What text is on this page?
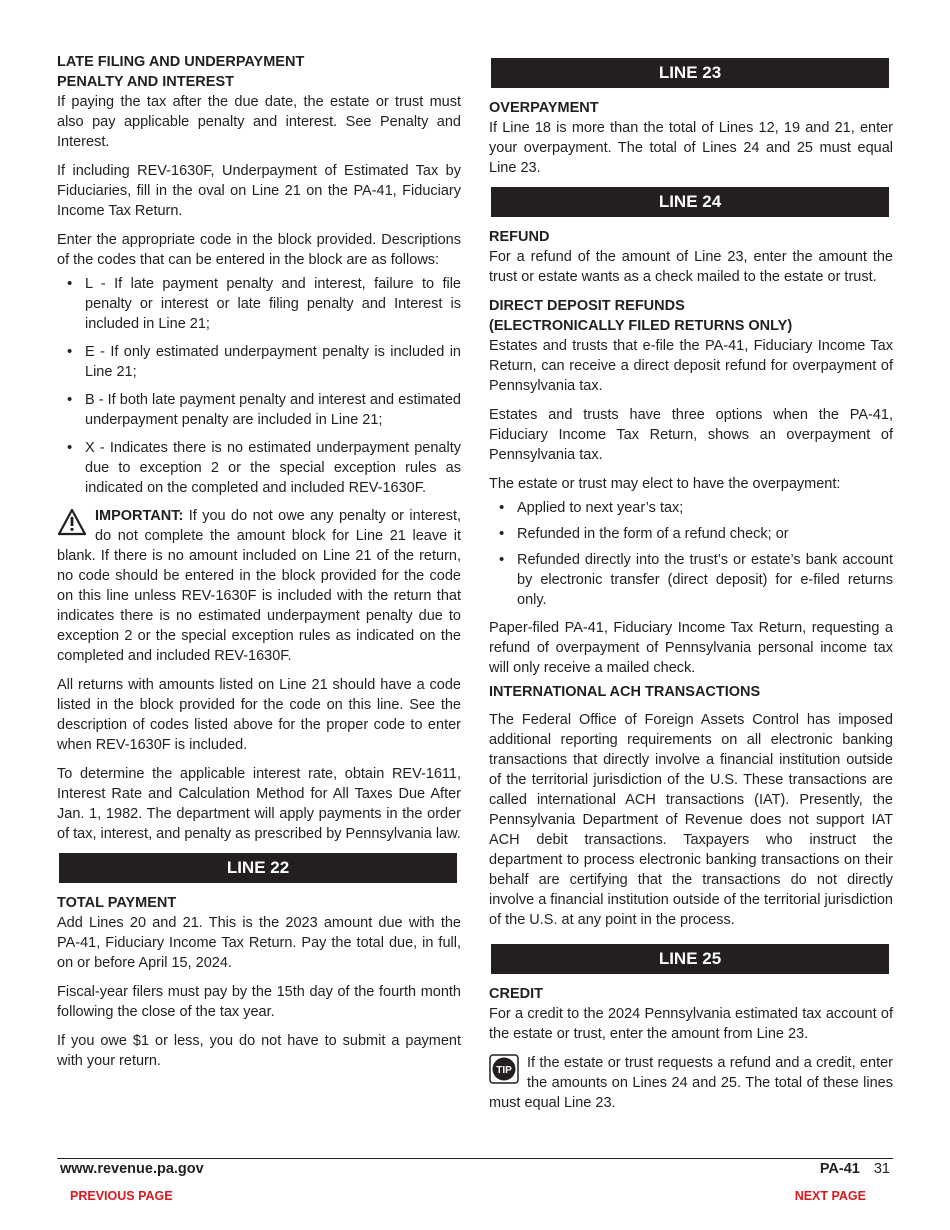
LATE FILING AND UNDERPAYMENT
PENALTY AND INTEREST

If paying the tax after the due date, the estate or trust must also pay applicable penalty and interest. See Penalty and Interest.

If including REV-1630F, Underpayment of Estimated Tax by Fiduciaries, fill in the oval on Line 21 on the PA-41, Fiduciary Income Tax Return.

Enter the appropriate code in the block provided. Descriptions of the codes that can be entered in the block are as follows:

• L - If late payment penalty and interest, failure to file penalty or interest or late filing penalty and Interest is included in Line 21;
• E - If only estimated underpayment penalty is included in Line 21;
• B - If both late payment penalty and interest and estimated underpayment penalty are included in Line 21;
• X - Indicates there is no estimated underpayment penalty due to exception 2 or the special exception rules as indicated on the completed and included REV-1630F.
IMPORTANT: If you do not owe any penalty or interest, do not complete the amount block for Line 21 leave it blank. If there is no amount included on Line 21 of the return, no code should be entered in the block provided for the code on this line unless REV-1630F is included with the return that indicates there is no estimated underpayment penalty due to exception 2 or the special exception rules as indicated on the completed and included REV-1630F.

All returns with amounts listed on Line 21 should have a code listed in the block provided for the code on this line. See the description of codes listed above for the proper code to enter when REV-1630F is included.

To determine the applicable interest rate, obtain REV-1611, Interest Rate and Calculation Method for All Taxes Due After Jan. 1, 1982. The department will apply payments in the order of tax, interest, and penalty as prescribed by Pennsylvania law.

LINE 22
TOTAL PAYMENT

Add Lines 20 and 21. This is the 2023 amount due with the PA-41, Fiduciary Income Tax Return. Pay the total due, in full, on or before April 15, 2024.

Fiscal-year filers must pay by the 15th day of the fourth month following the close of the tax year.

If you owe $1 or less, you do not have to submit a payment with your return.

LINE 23
OVERPAYMENT

If Line 18 is more than the total of Lines 12, 19 and 21, enter your overpayment. The total of Lines 24 and 25 must equal Line 23.

LINE 24
REFUND

For a refund of the amount of Line 23, enter the amount the trust or estate wants as a check mailed to the estate or trust.

DIRECT DEPOSIT REFUNDS
(ELECTRONICALLY FILED RETURNS ONLY)

Estates and trusts that e-file the PA-41, Fiduciary Income Tax Return, can receive a direct deposit refund for overpayment of Pennsylvania tax.

Estates and trusts have three options when the PA-41, Fiduciary Income Tax Return, shows an overpayment of Pennsylvania tax.

The estate or trust may elect to have the overpayment:

• Applied to next year’s tax;
• Refunded in the form of a refund check; or
• Refunded directly into the trust’s or estate’s bank account by electronic transfer (direct deposit) for e-filed returns only.

Paper-filed PA-41, Fiduciary Income Tax Return, requesting a refund of overpayment of Pennsylvania personal income tax will only receive a mailed check.

INTERNATIONAL ACH TRANSACTIONS

The Federal Office of Foreign Assets Control has imposed additional reporting requirements on all electronic banking transactions that directly involve a financial institution outside of the territorial jurisdiction of the U.S. These transactions are called international ACH transactions (IAT). Presently, the Pennsylvania Department of Revenue does not support IAT ACH debit transactions. Taxpayers who instruct the department to process electronic banking transactions on their behalf are certifying that the transactions do not directly involve a financial institution outside of the territorial jurisdiction of the U.S. at any point in the process.

LINE 25
CREDIT

For a credit to the 2024 Pennsylvania estimated tax account of the estate or trust, enter the amount from Line 23.

TIP If the estate or trust requests a refund and a credit, enter the amounts on Lines 24 and 25. The total of these lines must equal Line 23.
www.revenue.pa.gov	PA-41 31
PREVIOUS PAGE	NEXT PAGE
